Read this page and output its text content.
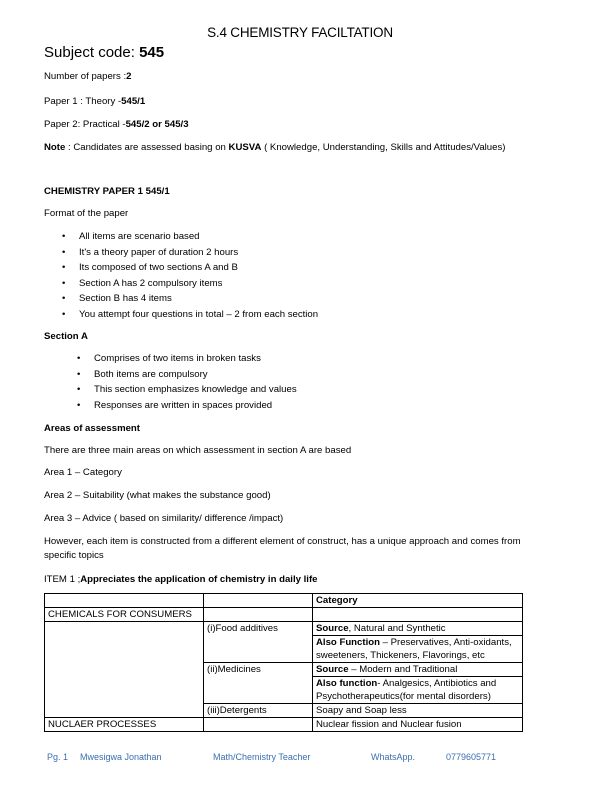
S.4 CHEMISTRY FACILTATION
Subject code: 545
Number of papers :2
Paper 1 : Theory -545/1
Paper 2: Practical -545/2 or 545/3
Note : Candidates are assessed basing on KUSVA ( Knowledge, Understanding, Skills and Attitudes/Values)
CHEMISTRY PAPER 1 545/1
Format of the paper
• All items are scenario based
• It's a theory paper of duration 2 hours
• Its composed of two sections A and B
• Section A has 2 compulsory items
• Section B has 4 items
• You attempt four questions in total – 2 from each section
Section A
• Comprises of two items in broken tasks
• Both items are compulsory
• This section emphasizes knowledge and values
• Responses are written in spaces provided
Areas of assessment
There are three main areas on which assessment in section A are based
Area 1 – Category
Area 2 – Suitability (what makes the substance good)
Area 3 – Advice ( based on similarity/ difference /impact)
However, each item is constructed from a different element of construct, has a unique approach and comes from specific topics
ITEM 1 ;Appreciates the application of chemistry in daily life
		Category
CHEMICALS FOR CONSUMERS		
	(i)Food additives	Source, Natural and Synthetic
		Also Function – Preservatives, Anti-oxidants, sweeteners, Thickeners, Flavorings, etc
	(ii)Medicines	Source – Modern and Traditional
		Also function- Analgesics, Antibiotics and Psychotherapeutics(for mental disorders)
	(iii)Detergents	Soapy and Soap less
NUCLAER PROCESSES		Nuclear fission and Nuclear fusion
Pg. 1 Mwesigwa Jonathan	Math/Chemistry Teacher	WhatsApp.	0779605771
